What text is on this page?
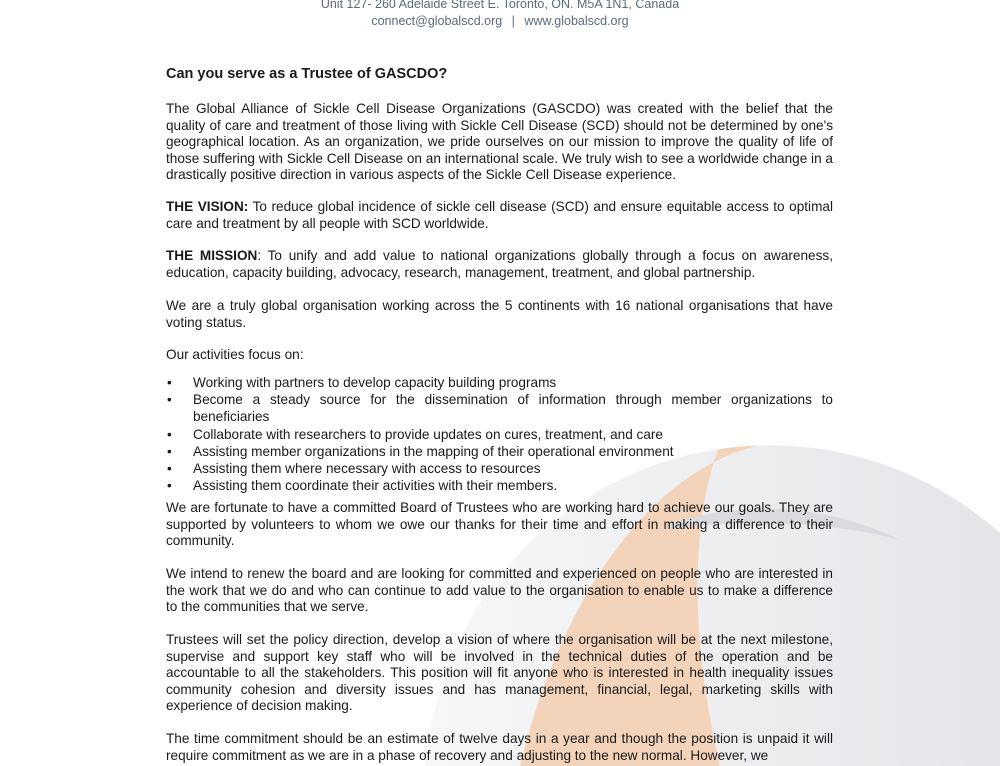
Unit 127- 260 Adelaide Street E. Toronto, ON. M5A 1N1, Canada
connect@globalscd.org | www.globalscd.org
Can you serve as a Trustee of GASCDO?

The Global Alliance of Sickle Cell Disease Organizations (GASCDO) was created with the belief that the quality of care and treatment of those living with Sickle Cell Disease (SCD) should not be determined by one's geographical location. As an organization, we pride ourselves on our mission to improve the quality of life of those suffering with Sickle Cell Disease on an international scale. We truly wish to see a worldwide change in a drastically positive direction in various aspects of the Sickle Cell Disease experience.

THE VISION: To reduce global incidence of sickle cell disease (SCD) and ensure equitable access to optimal care and treatment by all people with SCD worldwide.

THE MISSION: To unify and add value to national organizations globally through a focus on awareness, education, capacity building, advocacy, research, management, treatment, and global partnership.

We are a truly global organisation working across the 5 continents with 16 national organisations that have voting status.

Our activities focus on:

• Working with partners to develop capacity building programs
• Become a steady source for the dissemination of information through member organizations to beneficiaries
• Collaborate with researchers to provide updates on cures, treatment, and care
• Assisting member organizations in the mapping of their operational environment
• Assisting them where necessary with access to resources
• Assisting them coordinate their activities with their members.

We are fortunate to have a committed Board of Trustees who are working hard to achieve our goals. They are supported by volunteers to whom we owe our thanks for their time and effort in making a difference to their community.

We intend to renew the board and are looking for committed and experienced on people who are interested in the work that we do and who can continue to add value to the organisation to enable us to make a difference to the communities that we serve.

Trustees will set the policy direction, develop a vision of where the organisation will be at the next milestone, supervise and support key staff who will be involved in the technical duties of the operation and be accountable to all the stakeholders. This position will fit anyone who is interested in health inequality issues community cohesion and diversity issues and has management, financial, legal, marketing skills with experience of decision making.

The time commitment should be an estimate of twelve days in a year and though the position is unpaid it will require commitment as we are in a phase of recovery and adjusting to the new normal. However, we
